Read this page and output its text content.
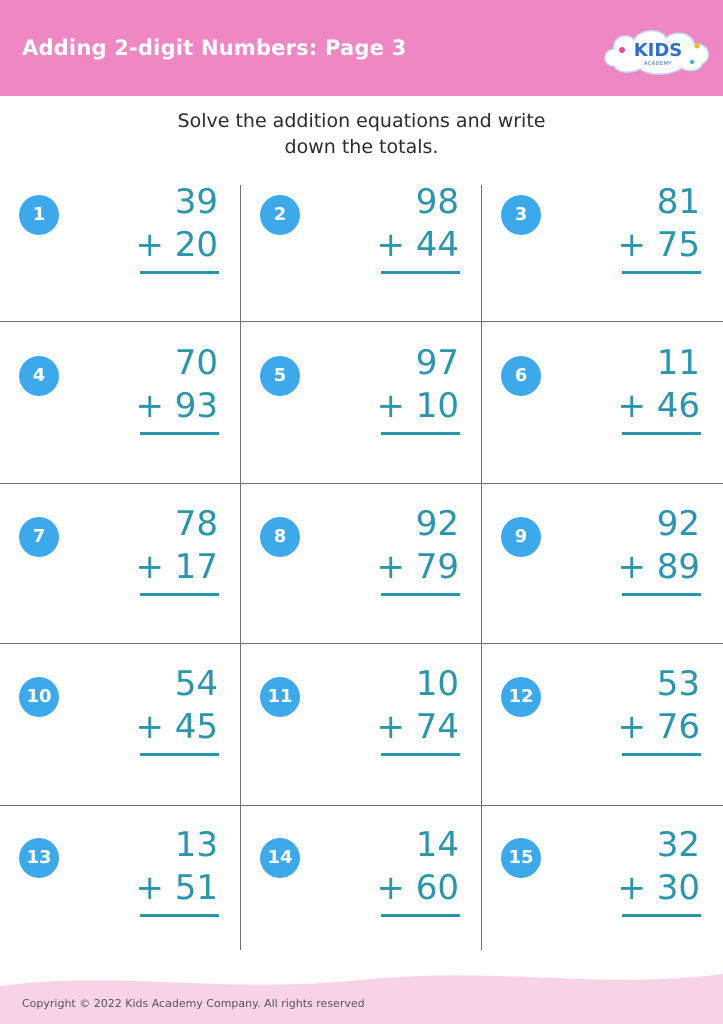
Adding 2-digit Numbers: Page 3	KIDS
ACADEMY
Solve the addition equations and write
down the totals.
1	39
+ 20
2	98
+ 44
3	81
+ 75
4	70
+ 93
5	97
+ 10
6	11
+ 46
7	78
+ 17
8	92
+ 79
9	92
+ 89
10	54
+ 45
11	10
+ 74
12	53
+ 76
13	13
+ 51
14	14
+ 60
15	32
+ 30
Copyright © 2022 Kids Academy Company. All rights reserved
